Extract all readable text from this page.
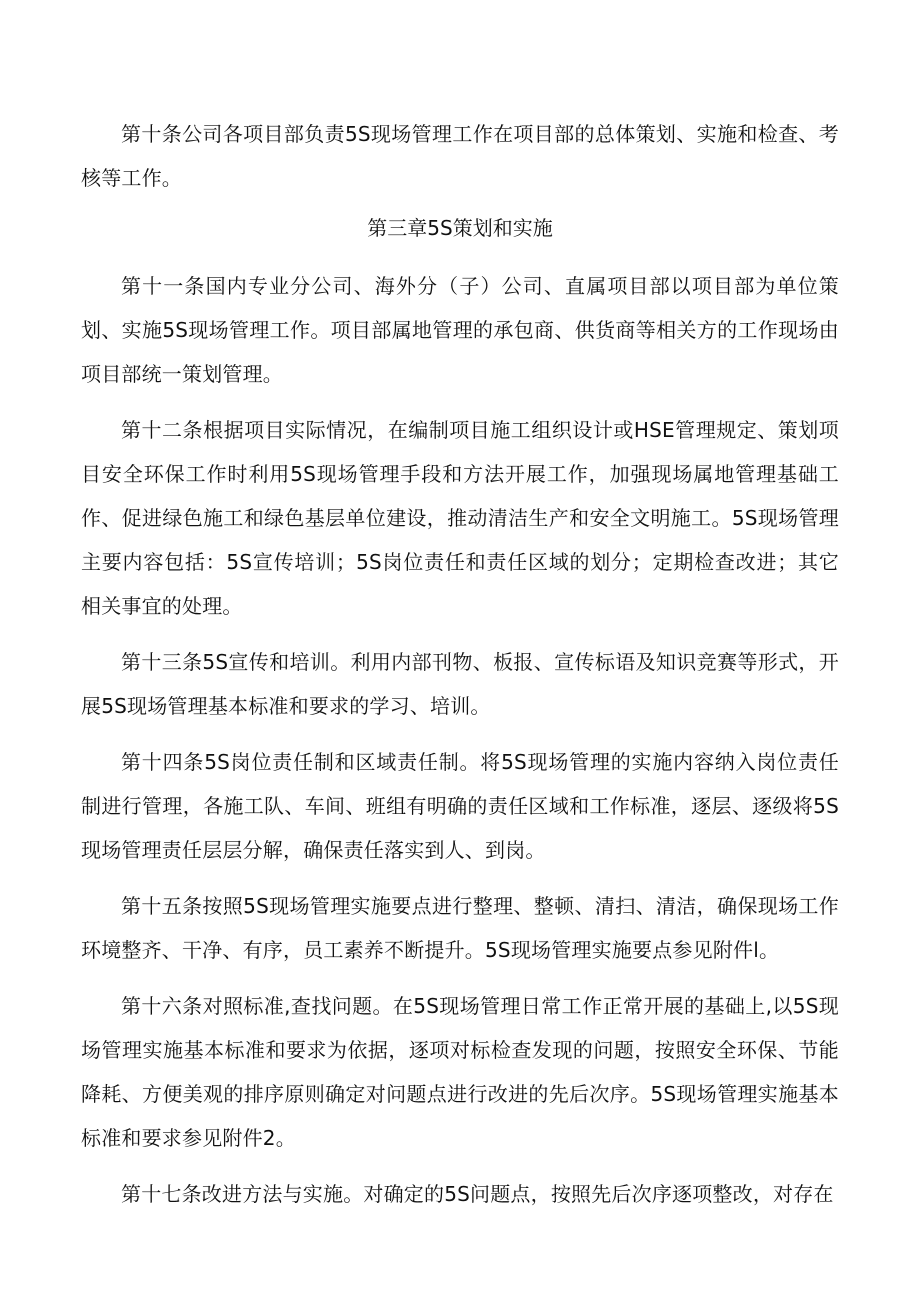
第十条公司各项目部负责5S现场管理工作在项目部的总体策划、实施和检查、考核等工作。

第三章5S策划和实施

第十一条国内专业分公司、海外分（子）公司、直属项目部以项目部为单位策划、实施5S现场管理工作。项目部属地管理的承包商、供货商等相关方的工作现场由项目部统一策划管理。

第十二条根据项目实际情况，在编制项目施工组织设计或HSE管理规定、策划项目安全环保工作时利用5S现场管理手段和方法开展工作，加强现场属地管理基础工作、促进绿色施工和绿色基层单位建设，推动清洁生产和安全文明施工。5S现场管理主要内容包括：5S宣传培训；5S岗位责任和责任区域的划分；定期检查改进；其它相关事宜的处理。

第十三条5S宣传和培训。利用内部刊物、板报、宣传标语及知识竞赛等形式，开展5S现场管理基本标准和要求的学习、培训。

第十四条5S岗位责任制和区域责任制。将5S现场管理的实施内容纳入岗位责任制进行管理，各施工队、车间、班组有明确的责任区域和工作标准，逐层、逐级将5S现场管理责任层层分解，确保责任落实到人、到岗。

第十五条按照5S现场管理实施要点进行整理、整顿、清扫、清洁，确保现场工作环境整齐、干净、有序，员工素养不断提升。5S现场管理实施要点参见附件l。

第十六条对照标准,查找问题。在5S现场管理日常工作正常开展的基础上,以5S现场管理实施基本标准和要求为依据，逐项对标检查发现的问题，按照安全环保、节能降耗、方便美观的排序原则确定对问题点进行改进的先后次序。5S现场管理实施基本标准和要求参见附件2。

第十七条改进方法与实施。对确定的5S问题点，按照先后次序逐项整改，对存在
